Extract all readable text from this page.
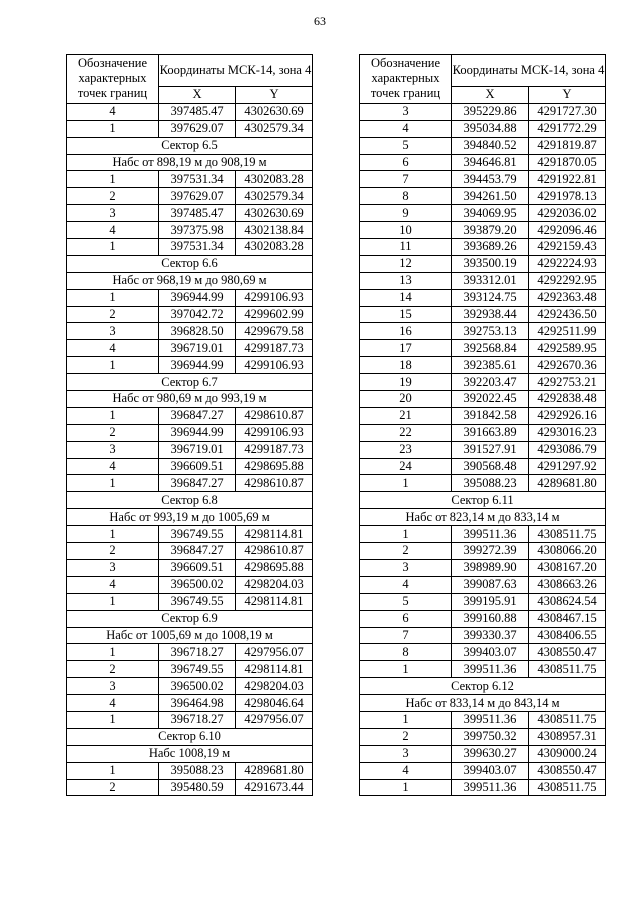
63
Обозначение характерных точек границ	Координаты МСК-14, зона 4	
	X	Y
4	397485.47	4302630.69
1	397629.07	4302579.34
Сектор 6.5		
Набс от 898,19 м до 908,19 м		
1	397531.34	4302083.28
2	397629.07	4302579.34
3	397485.47	4302630.69
4	397375.98	4302138.84
1	397531.34	4302083.28
Сектор 6.6		
Набс от 968,19 м до 980,69 м		
1	396944.99	4299106.93
2	397042.72	4299602.99
3	396828.50	4299679.58
4	396719.01	4299187.73
1	396944.99	4299106.93
Сектор 6.7		
Набс от 980,69 м до 993,19 м		
1	396847.27	4298610.87
2	396944.99	4299106.93
3	396719.01	4299187.73
4	396609.51	4298695.88
1	396847.27	4298610.87
Сектор 6.8		
Набс от 993,19 м до 1005,69 м		
1	396749.55	4298114.81
2	396847.27	4298610.87
3	396609.51	4298695.88
4	396500.02	4298204.03
1	396749.55	4298114.81
Сектор 6.9		
Набс от 1005,69 м до 1008,19 м		
1	396718.27	4297956.07
2	396749.55	4298114.81
3	396500.02	4298204.03
4	396464.98	4298046.64
1	396718.27	4297956.07
Сектор 6.10		
Набс 1008,19 м		
1	395088.23	4289681.80
2	395480.59	4291673.44
Обозначение характерных точек границ	Координаты МСК-14, зона 4	
	X	Y
3	395229.86	4291727.30
4	395034.88	4291772.29
5	394840.52	4291819.87
6	394646.81	4291870.05
7	394453.79	4291922.81
8	394261.50	4291978.13
9	394069.95	4292036.02
10	393879.20	4292096.46
11	393689.26	4292159.43
12	393500.19	4292224.93
13	393312.01	4292292.95
14	393124.75	4292363.48
15	392938.44	4292436.50
16	392753.13	4292511.99
17	392568.84	4292589.95
18	392385.61	4292670.36
19	392203.47	4292753.21
20	392022.45	4292838.48
21	391842.58	4292926.16
22	391663.89	4293016.23
23	391527.91	4293086.79
24	390568.48	4291297.92
1	395088.23	4289681.80
Сектор 6.11		
Набс от 823,14 м до 833,14 м		
1	399511.36	4308511.75
2	399272.39	4308066.20
3	398989.90	4308167.20
4	399087.63	4308663.26
5	399195.91	4308624.54
6	399160.88	4308467.15
7	399330.37	4308406.55
8	399403.07	4308550.47
1	399511.36	4308511.75
Сектор 6.12		
Набс от 833,14 м до 843,14 м		
1	399511.36	4308511.75
2	399750.32	4308957.31
3	399630.27	4309000.24
4	399403.07	4308550.47
1	399511.36	4308511.75
